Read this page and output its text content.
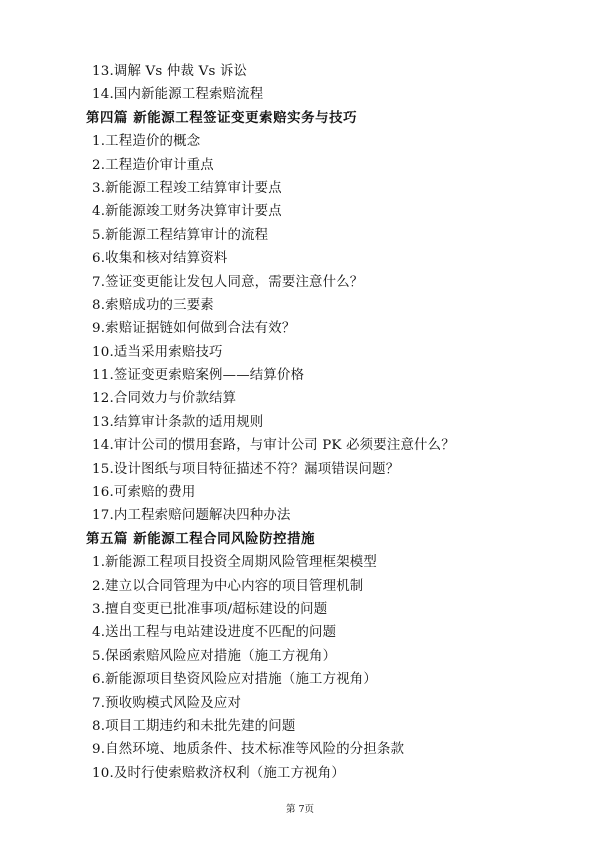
13.调解 Vs 仲裁 Vs 诉讼
14.国内新能源工程索赔流程
第四篇 新能源工程签证变更索赔实务与技巧
1.工程造价的概念
2.工程造价审计重点
3.新能源工程竣工结算审计要点
4.新能源竣工财务决算审计要点
5.新能源工程结算审计的流程
6.收集和核对结算资料
7.签证变更能让发包人同意，需要注意什么？
8.索赔成功的三要素
9.索赔证据链如何做到合法有效？
10.适当采用索赔技巧
11.签证变更索赔案例——结算价格
12.合同效力与价款结算
13.结算审计条款的适用规则
14.审计公司的惯用套路，与审计公司 PK 必须要注意什么？
15.设计图纸与项目特征描述不符？漏项错误问题？
16.可索赔的费用
17.内工程索赔问题解决四种办法
第五篇 新能源工程合同风险防控措施
1.新能源工程项目投资全周期风险管理框架模型
2.建立以合同管理为中心内容的项目管理机制
3.擅自变更已批准事项/超标建设的问题
4.送出工程与电站建设进度不匹配的问题
5.保函索赔风险应对措施（施工方视角）
6.新能源项目垫资风险应对措施（施工方视角）
7.预收购模式风险及应对
8.项目工期违约和未批先建的问题
9.自然环境、地质条件、技术标准等风险的分担条款
10.及时行使索赔救济权利（施工方视角）
第 7页
